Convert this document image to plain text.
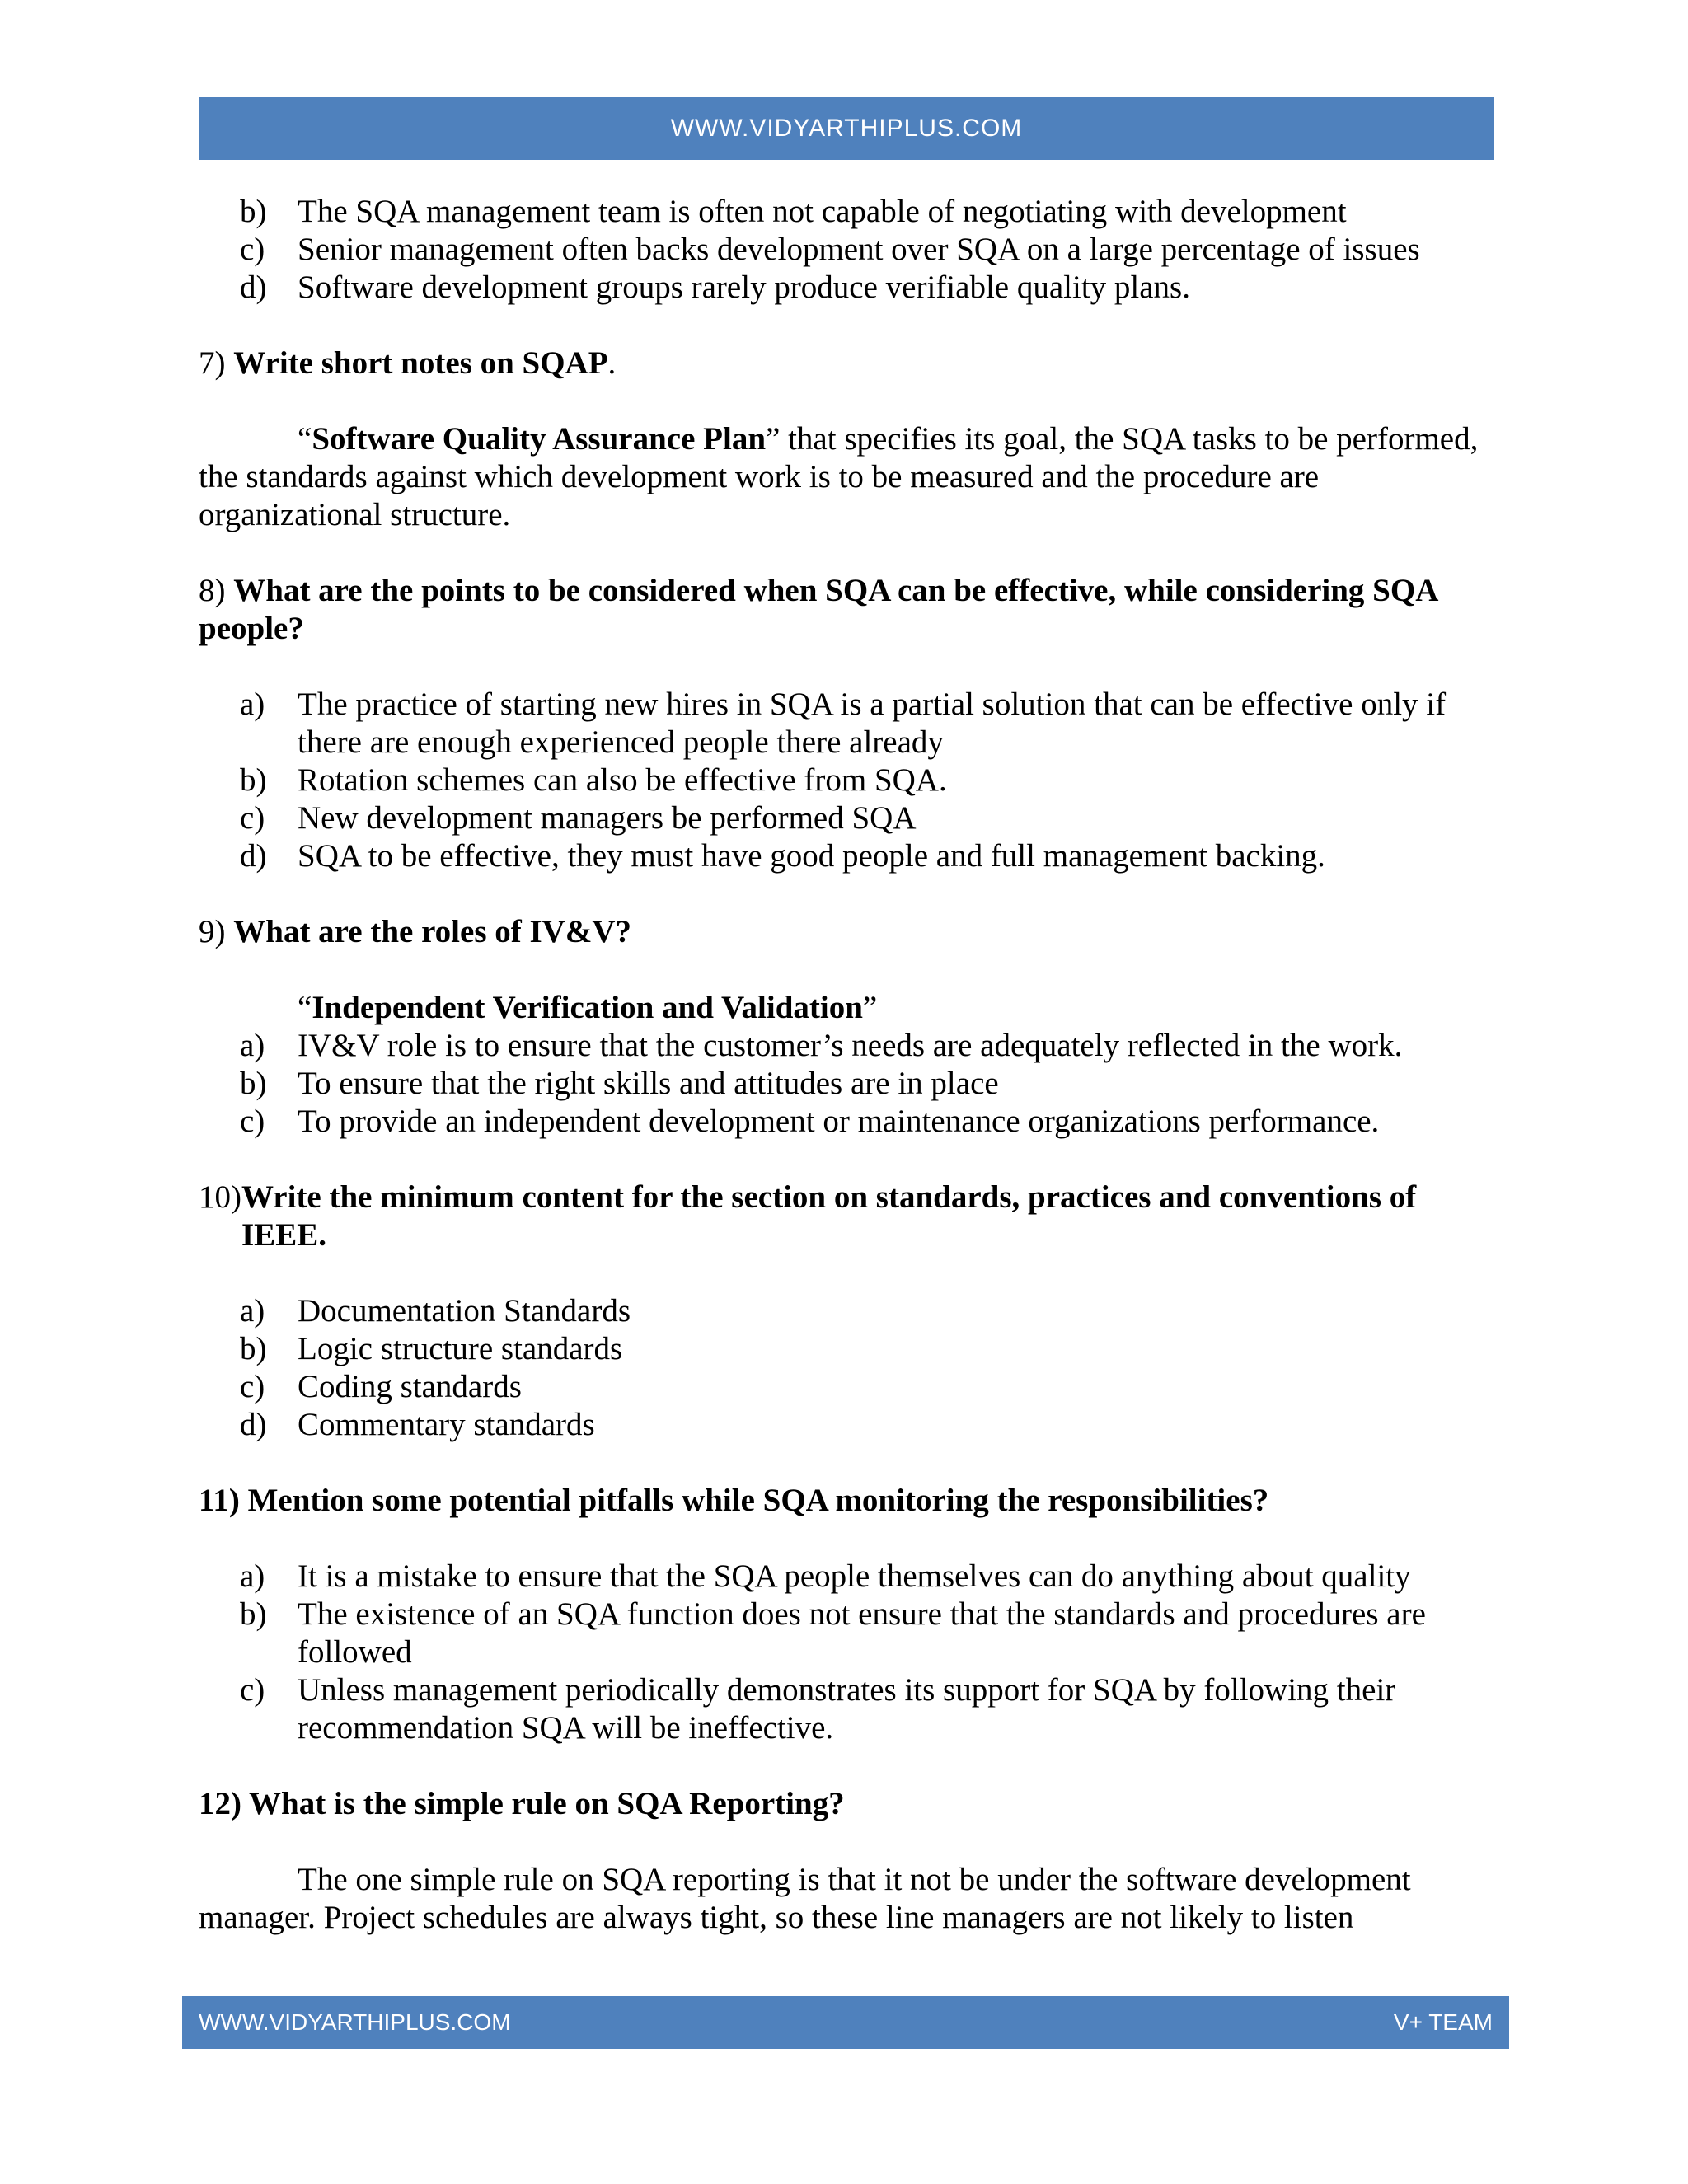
WWW.VIDYARTHIPLUS.COM
b) The SQA management team is often not capable of negotiating with development
c)	Senior management often backs development over SQA on a large percentage of issues
d) Software development groups rarely produce verifiable quality plans.

7) Write short notes on SQAP.

“Software Quality Assurance Plan” that specifies its goal, the SQA tasks to be performed, the standards against which development work is to be measured and the procedure are organizational structure.

8) What are the points to be considered when SQA can be effective, while considering SQA people?

a)	The practice of starting new hires in SQA is a partial solution that can be effective only if there are enough experienced people there already
b) Rotation schemes can also be effective from SQA.
c)	New development managers be performed SQA
d) SQA to be effective, they must have good people and full management backing.

9) What are the roles of IV&V?

“Independent Verification and Validation”

a)	IV&V role is to ensure that the customer’s needs are adequately reflected in the work.
b) To ensure that the right skills and attitudes are in place
c)	To provide an independent development or maintenance organizations performance.
10) Write the minimum content for the section on standards, practices and conventions of IEEE.
a)	Documentation Standards
b) Logic structure standards
c)	Coding standards
d) Commentary standards

11) Mention some potential pitfalls while SQA monitoring the responsibilities?

a)	It is a mistake to ensure that the SQA people themselves can do anything about quality
b) The existence of an SQA function does not ensure that the standards and procedures are followed
c)	Unless management periodically demonstrates its support for SQA by following their recommendation SQA will be ineffective.

12) What is the simple rule on SQA Reporting?

The one simple rule on SQA reporting is that it not be under the software development manager. Project schedules are always tight, so these line managers are not likely to listen

WWW.VIDYARTHIPLUS.COM	V+ TEAM
